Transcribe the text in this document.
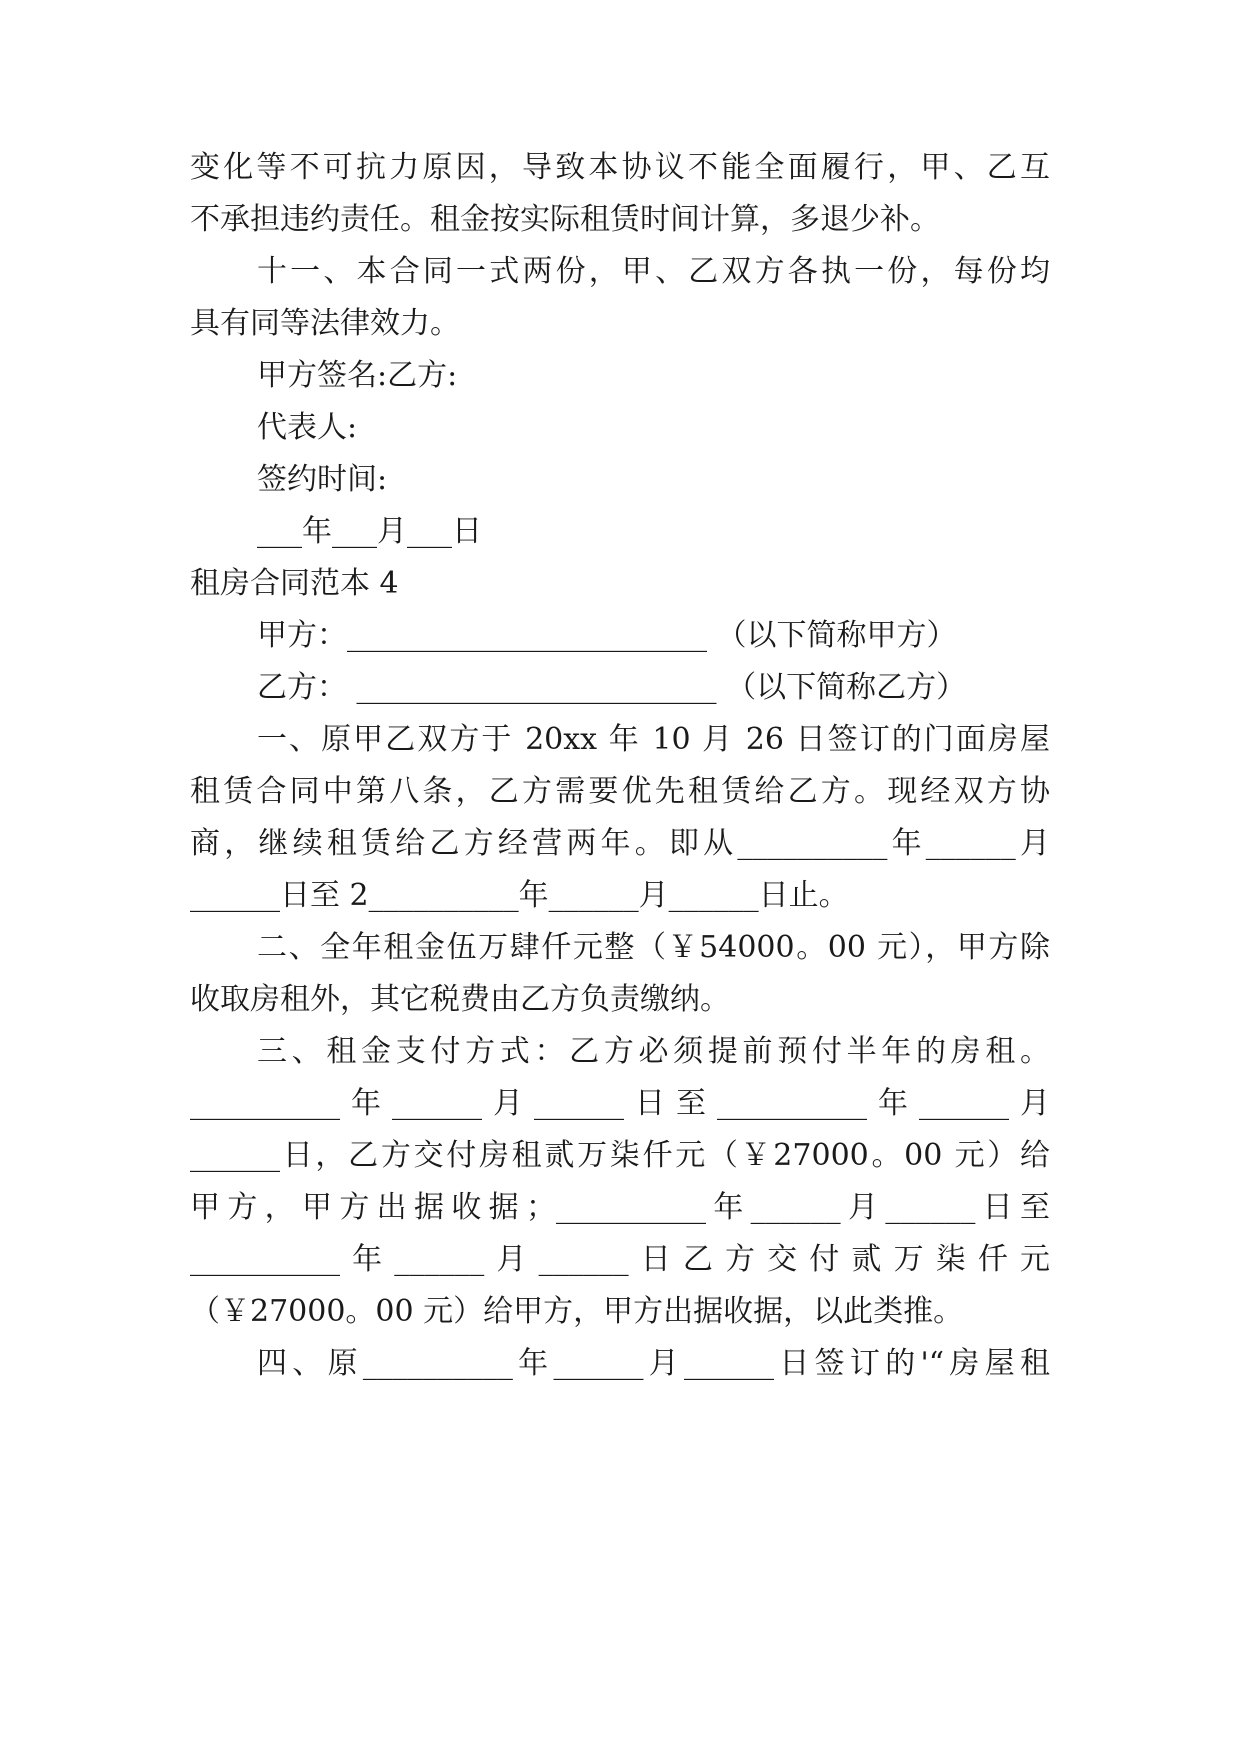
变化等不可抗力原因，导致本协议不能全面履行，甲、乙互
不承担违约责任。租金按实际租赁时间计算，多退少补。
十一、本合同一式两份，甲、乙双方各执一份，每份均
具有同等法律效力。
甲方签名:乙方:
代表人:
签约时间:
___年___月___日
租房合同范本 4
甲方：________________________ （以下简称甲方）
乙方： ________________________ （以下简称乙方）
一、原甲乙双方于 20xx 年 10 月 26 日签订的门面房屋
租赁合同中第八条，乙方需要优先租赁给乙方。现经双方协
商，继续租赁给乙方经营两年。即从__________年______月
______日至 2__________年______月______日止。
二、全年租金伍万肆仟元整（￥54000。00 元），甲方除
收取房租外，其它税费由乙方负责缴纳。
三、租金支付方式：乙方必须提前预付半年的房租。
__________年______月______日至__________年______月
______日，乙方交付房租贰万柒仟元（￥27000。00 元）给
甲方，甲方出据收据；__________年______月______日至
__________年______月______日乙方交付贰万柒仟元
（￥27000。00 元）给甲方，甲方出据收据，以此类推。
四、原__________年______月______日签订的'“房屋租
